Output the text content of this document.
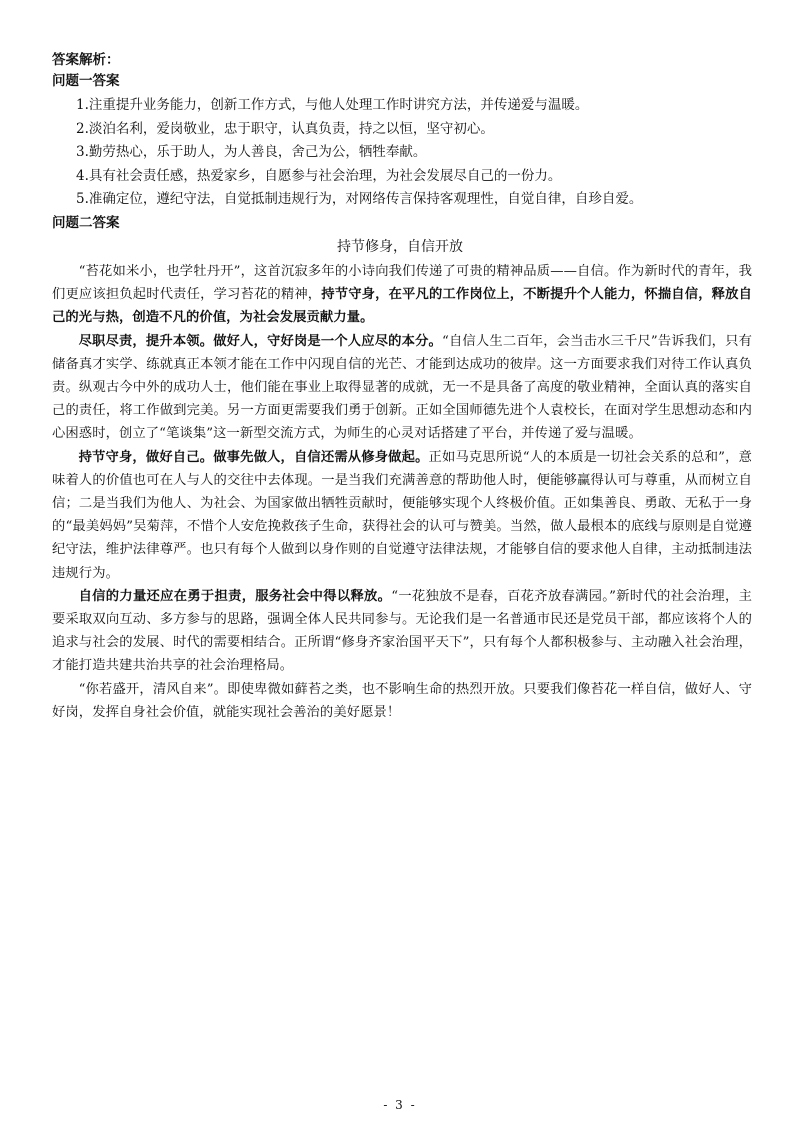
答案解析：
问题一答案
1.注重提升业务能力，创新工作方式，与他人处理工作时讲究方法，并传递爱与温暖。
2.淡泊名利，爱岗敬业，忠于职守，认真负责，持之以恒，坚守初心。
3.勤劳热心，乐于助人，为人善良，舍己为公，牺牲奉献。
4.具有社会责任感，热爱家乡，自愿参与社会治理，为社会发展尽自己的一份力。
5.准确定位，遵纪守法，自觉抵制违规行为，对网络传言保持客观理性，自觉自律，自珍自爱。
问题二答案
持节修身，自信开放

“苔花如米小，也学牡丹开”，这首沉寂多年的小诗向我们传递了可贵的精神品质——自信。作为新时代的青年，我们更应该担负起时代责任，学习苔花的精神，持节守身，在平凡的工作岗位上，不断提升个人能力，怀揣自信，释放自己的光与热，创造不凡的价值，为社会发展贡献力量。

尽职尽责，提升本领。做好人，守好岗是一个人应尽的本分。“自信人生二百年，会当击水三千尺”告诉我们，只有储备真才实学、练就真正本领才能在工作中闪现自信的光芒、才能到达成功的彼岸。这一方面要求我们对待工作认真负责。纵观古今中外的成功人士，他们能在事业上取得显著的成就，无一不是具备了高度的敬业精神，全面认真的落实自己的责任，将工作做到完美。另一方面更需要我们勇于创新。正如全国师德先进个人袁校长，在面对学生思想动态和内心困惑时，创立了“笔谈集”这一新型交流方式，为师生的心灵对话搭建了平台，并传递了爱与温暖。

持节守身，做好自己。做事先做人，自信还需从修身做起。正如马克思所说“人的本质是一切社会关系的总和”，意味着人的价值也可在人与人的交往中去体现。一是当我们充满善意的帮助他人时，便能够赢得认可与尊重，从而树立自信；二是当我们为他人、为社会、为国家做出牺牲贡献时，便能够实现个人终极价值。正如集善良、勇敢、无私于一身的“最美妈妈”吴菊萍，不惜个人安危挽救孩子生命，获得社会的认可与赞美。当然，做人最根本的底线与原则是自觉遵纪守法，维护法律尊严。也只有每个人做到以身作则的自觉遵守法律法规，才能够自信的要求他人自律，主动抵制违法违规行为。

自信的力量还应在勇于担责，服务社会中得以释放。“一花独放不是春，百花齐放春满园。”新时代的社会治理，主要采取双向互动、多方参与的思路，强调全体人民共同参与。无论我们是一名普通市民还是党员干部，都应该将个人的追求与社会的发展、时代的需要相结合。正所谓“修身齐家治国平天下”，只有每个人都积极参与、主动融入社会治理，才能打造共建共治共享的社会治理格局。

“你若盛开，清风自来”。即使卑微如藓苔之类，也不影响生命的热烈开放。只要我们像苔花一样自信，做好人、守好岗，发挥自身社会价值，就能实现社会善治的美好愿景！

- 3 -
